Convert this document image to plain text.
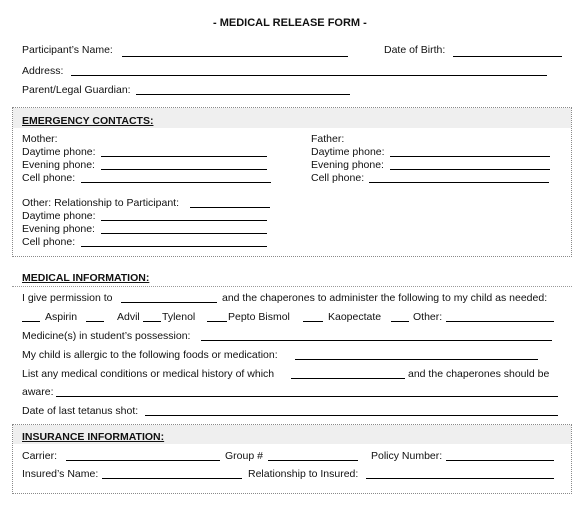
- MEDICAL RELEASE FORM -
Participant’s Name:	Date of Birth:
Address:
Parent/Legal Guardian:
EMERGENCY CONTACTS:
Mother:
Daytime phone:
Evening phone:
Cell phone:
Father:
Daytime phone:
Evening phone:
Cell phone:
Other: Relationship to Participant:
Daytime phone:
Evening phone:
Cell phone:
MEDICAL INFORMATION:
I give permission to	and the chaperones to administer the following to my child as needed:
Aspirin	Advil Tylenol	Pepto Bismol	Kaopectate	Other:
Medicine(s) in student’s possession:
My child is allergic to the following foods or medication:
List any medical conditions or medical history of which	and the chaperones should be
aware:
Date of last tetanus shot:
INSURANCE INFORMATION:
Carrier:	Group #	Policy Number:
Insured’s Name:	Relationship to Insured:
